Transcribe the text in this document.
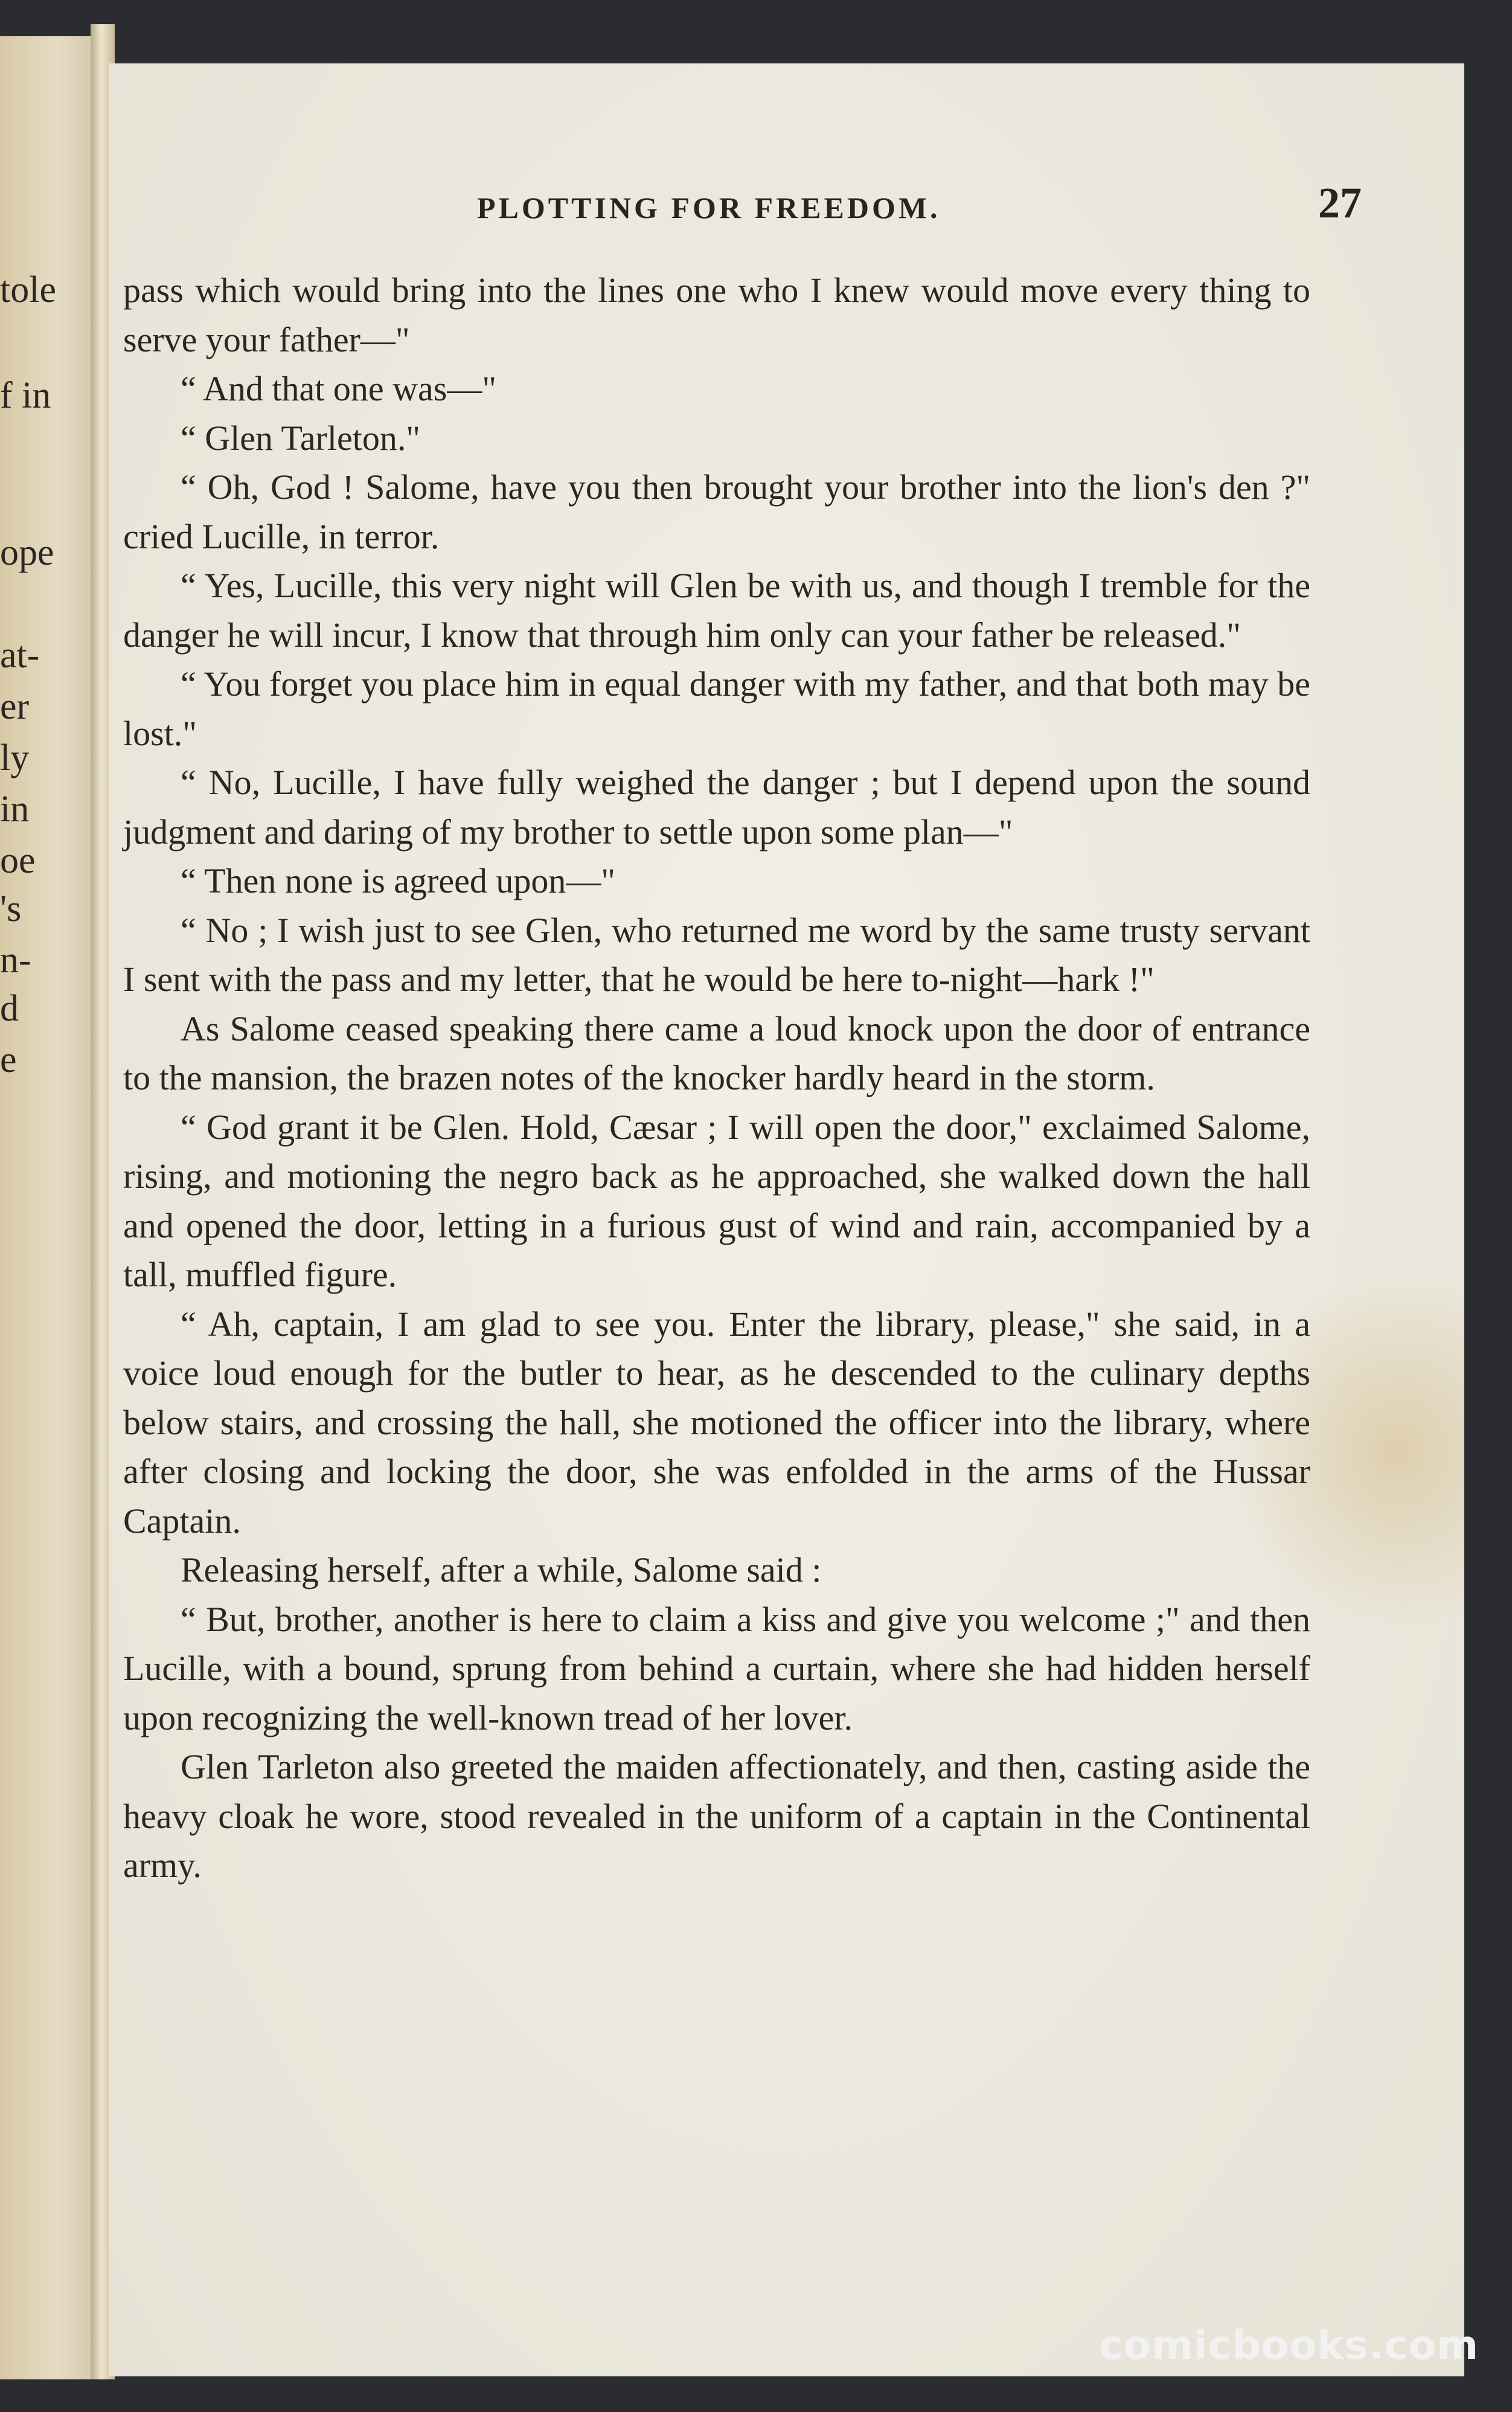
tole
f in
ope
at-
er
ly
in
oe
's
n-
d
e
PLOTTING FOR FREEDOM.	27

pass which would bring into the lines one who I knew would move every thing to serve your father—"

“ And that one was—"

“ Glen Tarleton."

“ Oh, God ! Salome, have you then brought your brother into the lion's den ?" cried Lucille, in terror.

“ Yes, Lucille, this very night will Glen be with us, and though I tremble for the danger he will incur, I know that through him only can your father be released."

“ You forget you place him in equal danger with my father, and that both may be lost."

“ No, Lucille, I have fully weighed the danger ; but I depend upon the sound judgment and daring of my brother to settle upon some plan—"

“ Then none is agreed upon—"

“ No ; I wish just to see Glen, who returned me word by the same trusty servant I sent with the pass and my letter, that he would be here to-night—hark !"

As Salome ceased speaking there came a loud knock upon the door of entrance to the mansion, the brazen notes of the knocker hardly heard in the storm.

“ God grant it be Glen. Hold, Cæsar ; I will open the door," exclaimed Salome, rising, and motioning the negro back as he approached, she walked down the hall and opened the door, letting in a furious gust of wind and rain, accompanied by a tall, muffled figure.

“ Ah, captain, I am glad to see you. Enter the library, please," she said, in a voice loud enough for the butler to hear, as he descended to the culinary depths below stairs, and crossing the hall, she motioned the officer into the library, where after closing and locking the door, she was enfolded in the arms of the Hussar Captain.

Releasing herself, after a while, Salome said :

“ But, brother, another is here to claim a kiss and give you welcome ;" and then Lucille, with a bound, sprung from behind a curtain, where she had hidden herself upon recognizing the well-known tread of her lover.

Glen Tarleton also greeted the maiden affectionately, and then, casting aside the heavy cloak he wore, stood revealed in the uniform of a captain in the Continental army.

comicbooks.com
